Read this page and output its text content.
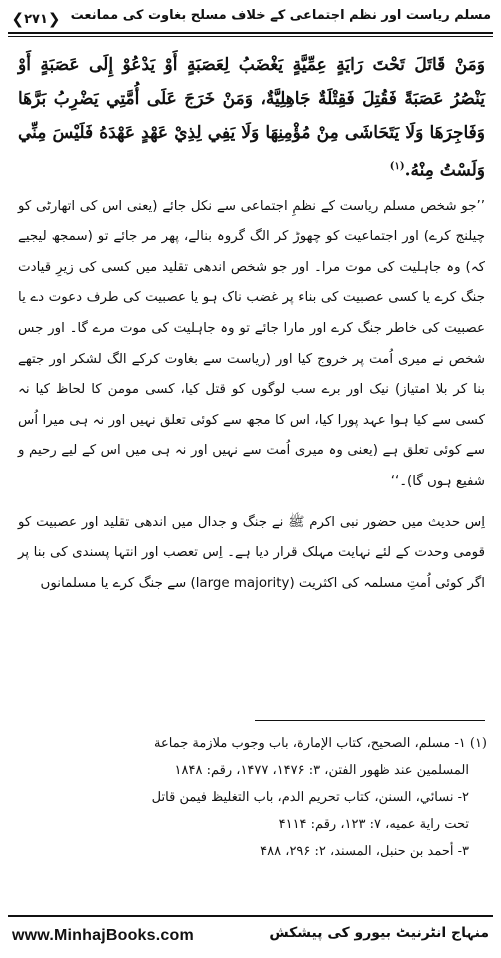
❮
۲۷۱
❯	مسلم ریاست اور نظمِ اجتماعی کے خلاف مسلح بغاوت کی ممانعت

وَمَنْ قَاتَلَ تَحْتَ رَايَةٍ عِمِّيَّةٍ يَغْضَبُ لِعَصَبَةٍ أَوْ يَدْعُوْ إِلَى عَصَبَةٍ أَوْ يَنْصُرُ عَصَبَةً فَقُتِلَ فَقِتْلَةٌ جَاهِلِيَّةٌ، وَمَنْ خَرَجَ عَلَى أُمَّتِي يَضْرِبُ بَرَّهَا وَفَاجِرَهَا وَلَا يَتَحَاشَى مِنْ مُؤْمِنِهَا وَلَا يَفِي لِذِيْ عَهْدٍ عَهْدَهُ فَلَيْسَ مِنِّي وَلَسْتُ مِنْهُ.$^{(۱)}$

’’جو شخص مسلم ریاست کے نظمِ اجتماعی سے نکل جائے (یعنی اس کی اتھارٹی کو چیلنج کرے) اور اجتماعیت کو چھوڑ کر الگ گروہ بنالے، پھر مر جائے تو (سمجھ لیجیے کہ) وہ جاہلیت کی موت مرا۔ اور جو شخص اندھی تقلید میں کسی کی زیرِ قیادت جنگ کرے یا کسی عصبیت کی بناء پر غضب ناک ہو یا عصبیت کی طرف دعوت دے یا عصبیت کی خاطر جنگ کرے اور مارا جائے تو وہ جاہلیت کی موت مرے گا۔ اور جس شخص نے میری اُمت پر خروج کیا اور (ریاست سے بغاوت کرکے الگ لشکر اور جتھے بنا کر بلا امتیاز) نیک اور برے سب لوگوں کو قتل کیا، کسی مومن کا لحاظ کیا نہ کسی سے کیا ہوا عہد پورا کیا، اس کا مجھ سے کوئی تعلق نہیں اور نہ ہی میرا اُس سے کوئی تعلق ہے (یعنی وہ میری اُمت سے نہیں اور نہ ہی میں اس کے لیے رحیم و شفیع ہوں گا)۔‘‘

اِس حدیث میں حضور نبی اکرم ﷺ نے جنگ و جدال میں اندھی تقلید اور عصبیت کو قومی وحدت کے لئے نہایت مہلک قرار دیا ہے۔ اِس تعصب اور انتہا پسندی کی بنا پر اگر کوئی اُمتِ مسلمہ کی اکثریت (large majority) سے جنگ کرے یا مسلمانوں

(۱) ۱- مسلم، الصحيح، كتاب الإمارة، باب وجوب ملازمة جماعة

المسلمين عند ظهور الفتن، ۳: ۱۴۷۶، ۱۴۷۷، رقم: ۱۸۴۸

۲- نسائي، السنن، كتاب تحريم الدم، باب التغليظ فيمن قاتل

تحت راية عميه، ۷: ۱۲۳، رقم: ۴۱۱۴

۳- أحمد بن حنبل، المسند، ۲: ۲۹۶، ۴۸۸

www.MinhajBooks.com	منہاج انٹرنیٹ بیورو کی پیشکش
